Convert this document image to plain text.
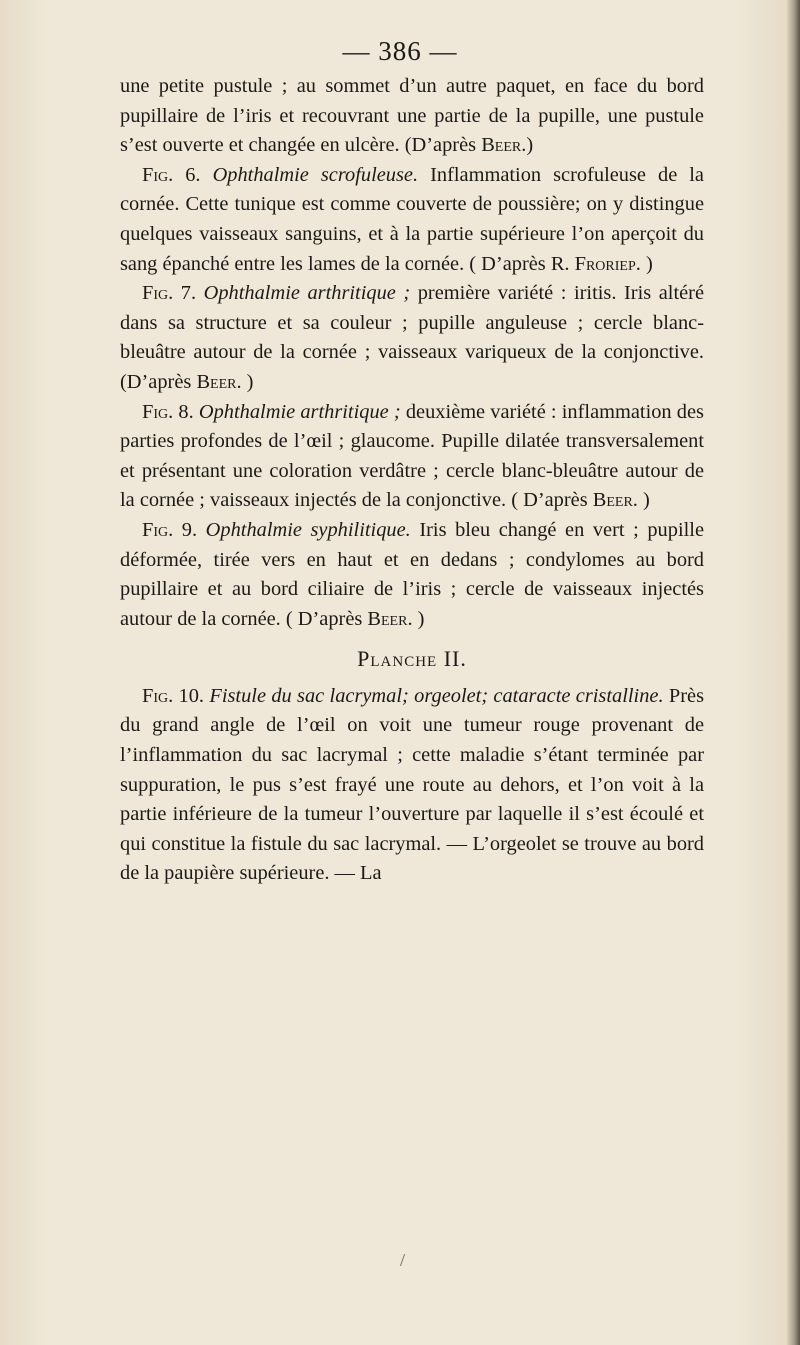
— 386 —

une petite pustule ; au sommet d’un autre paquet, en face du bord pupillaire de l’iris et recouvrant une partie de la pupille, une pustule s’est ouverte et changée en ulcère. (D’après Beer.)

Fig. 6. Ophthalmie scrofuleuse. Inflammation scrofuleuse de la cornée. Cette tunique est comme couverte de poussière; on y distingue quelques vaisseaux sanguins, et à la partie supérieure l’on aperçoit du sang épanché entre les lames de la cornée. ( D’après R. Froriep. )

Fig. 7. Ophthalmie arthritique ; première variété : iritis. Iris altéré dans sa structure et sa couleur ; pupille anguleuse ; cercle blanc-bleuâtre autour de la cornée ; vaisseaux variqueux de la conjonctive. (D’après Beer. )

Fig. 8. Ophthalmie arthritique ; deuxième variété : inflammation des parties profondes de l’œil ; glaucome. Pupille dilatée transversalement et présentant une coloration verdâtre ; cercle blanc-bleuâtre autour de la cornée ; vaisseaux injectés de la conjonctive. ( D’après Beer. )

Fig. 9. Ophthalmie syphilitique. Iris bleu changé en vert ; pupille déformée, tirée vers en haut et en dedans ; condylomes au bord pupillaire et au bord ciliaire de l’iris ; cercle de vaisseaux injectés autour de la cornée. ( D’après Beer. )

Planche II.

Fig. 10. Fistule du sac lacrymal; orgeolet; cataracte cristalline. Près du grand angle de l’œil on voit une tumeur rouge provenant de l’inflammation du sac lacrymal ; cette maladie s’étant terminée par suppuration, le pus s’est frayé une route au dehors, et l’on voit à la partie inférieure de la tumeur l’ouverture par laquelle il s’est écoulé et qui constitue la fistule du sac lacrymal. — L’orgeolet se trouve au bord de la paupière supérieure. — La

/
